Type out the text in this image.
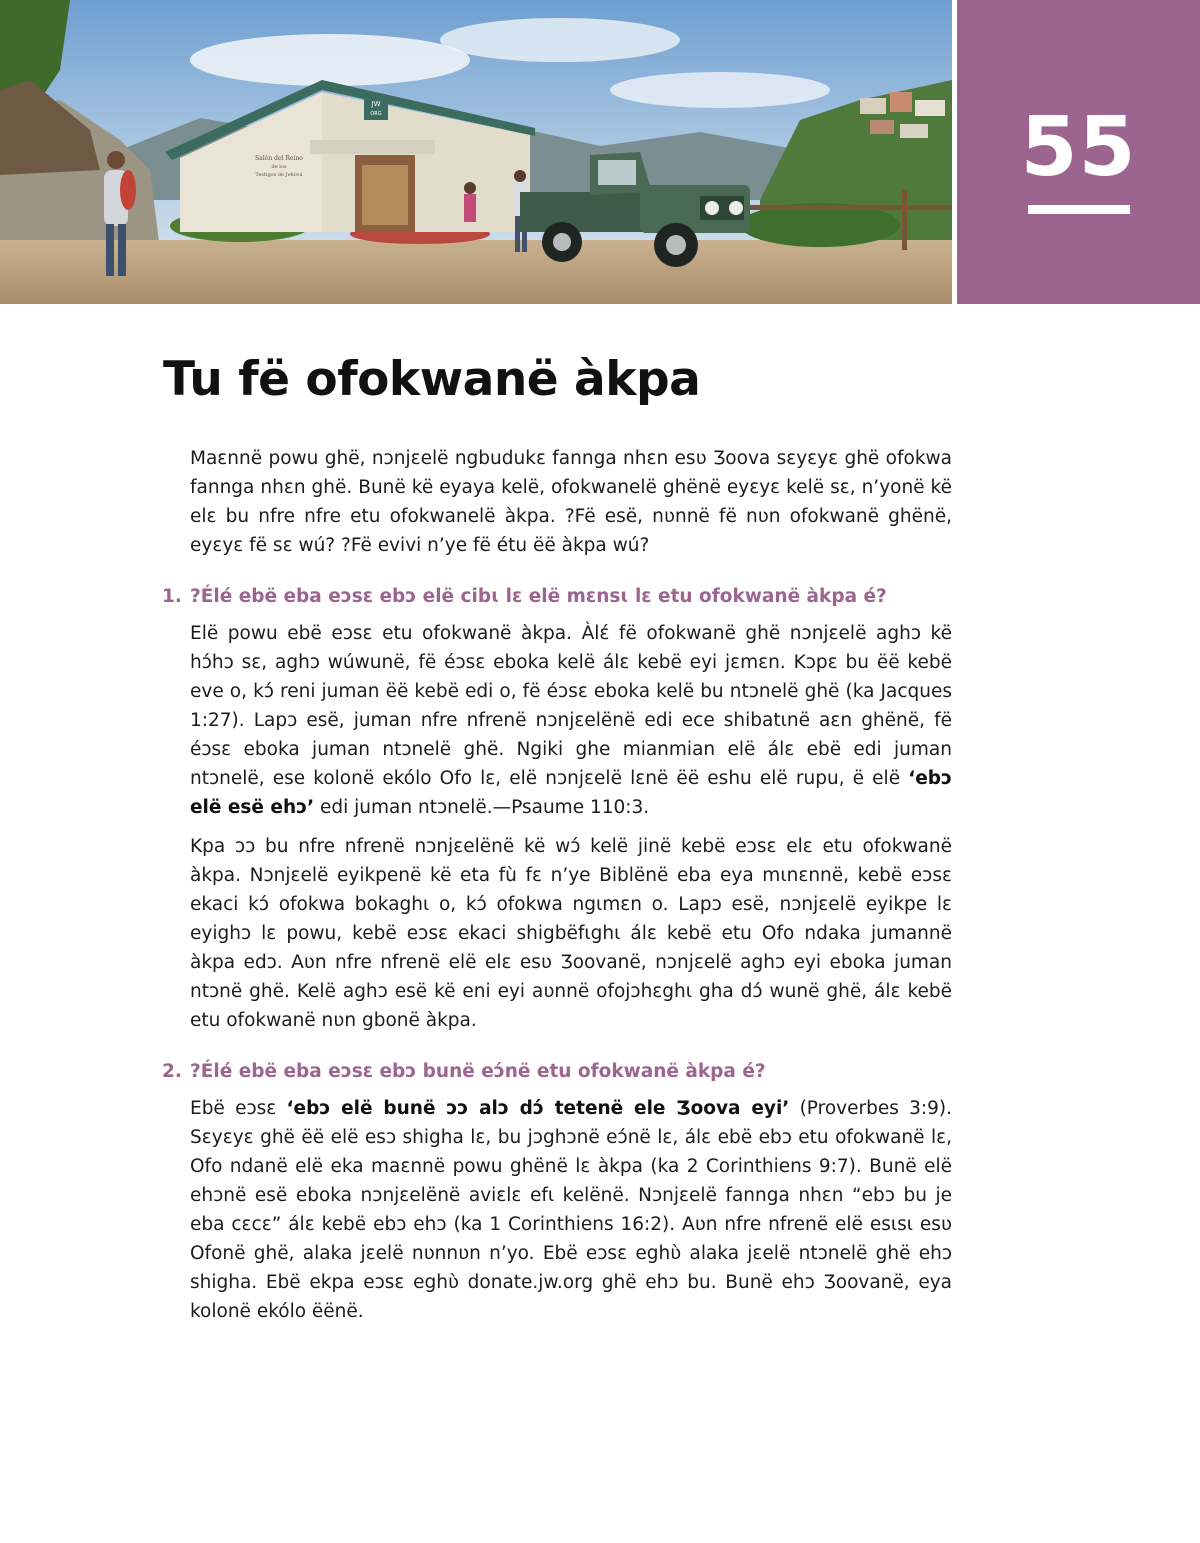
JW
ORG
Salón del Reino
de los
Testigos de Jehová	55
Tu fë ofokwanë àkpa

Maɛnnë powu ghë, nɔnjɛelë ngbudukɛ fannga nhɛn esʋ Ʒoova sɛyɛyɛ ghë ofokwa fannga nhɛn ghë. Bunë kë eyaya kelë, ofokwanelë ghënë eyɛyɛ kelë sɛ, n’yonë kë elɛ bu nfre nfre etu ofokwanelë àkpa. ?Fë esë, nʋnnë fë nʋn ofokwanë ghënë, eyɛyɛ fë sɛ wú? ?Fë evivi n’ye fë étu ëë àkpa wú?

1. ?Élé ebë eba eɔsɛ ebɔ elë cibɩ lɛ elë mɛnsɩ lɛ etu ofokwanë àkpa é?

Elë powu ebë eɔsɛ etu ofokwanë àkpa. Àlɛ́ fë ofokwanë ghë nɔnjɛelë aghɔ kë hɔ́hɔ sɛ, aghɔ wúwunë, fë éɔsɛ eboka kelë álɛ kebë eyi jɛmɛn. Kɔpɛ bu ëë kebë eve o, kɔ́ reni juman ëë kebë edi o, fë éɔsɛ eboka kelë bu ntɔnelë ghë (ka Jacques 1:27). Lapɔ esë, juman nfre nfrenë nɔnjɛelënë edi ece shibatɩnë aɛn ghënë, fë éɔsɛ eboka juman ntɔnelë ghë. Ngiki ghe mianmian elë álɛ ebë edi juman ntɔnelë, ese kolonë ekólo Ofo lɛ, elë nɔnjɛelë lɛnë ëë eshu elë rupu, ë elë ‘ebɔ elë esë ehɔ’ edi juman ntɔnelë.—Psaume 110:3.

Kpa ɔɔ bu nfre nfrenë nɔnjɛelënë kë wɔ́ kelë jinë kebë eɔsɛ elɛ etu ofokwanë àkpa. Nɔnjɛelë eyikpenë kë eta fù fɛ n’ye Biblënë eba eya mɩnɛnnë, kebë eɔsɛ ekaci kɔ́ ofokwa bokaghɩ o, kɔ́ ofokwa ngɩmɛn o. Lapɔ esë, nɔnjɛelë eyikpe lɛ eyighɔ lɛ powu, kebë eɔsɛ ekaci shigbëfɩghɩ álɛ kebë etu Ofo ndaka jumannë àkpa edɔ. Aʋn nfre nfrenë elë elɛ esʋ Ʒoovanë, nɔnjɛelë aghɔ eyi eboka juman ntɔnë ghë. Kelë aghɔ esë kë eni eyi aʋnnë ofojɔhɛghɩ gha dɔ́ wunë ghë, álɛ kebë etu ofokwanë nʋn gbonë àkpa.

2. ?Élé ebë eba eɔsɛ ebɔ bunë eɔ́në etu ofokwanë àkpa é?

Ebë eɔsɛ ‘ebɔ elë bunë ɔɔ alɔ dɔ́ tetenë ele Ʒoova eyi’ (Proverbes 3:9). Sɛyɛyɛ ghë ëë elë esɔ shigha lɛ, bu jɔghɔnë eɔ́në lɛ, álɛ ebë ebɔ etu ofokwanë lɛ, Ofo ndanë elë eka maɛnnë powu ghënë lɛ àkpa (ka 2 Corinthiens 9:7). Bunë elë ehɔnë esë eboka nɔnjɛelënë aviɛlɛ efɩ kelënë. Nɔnjɛelë fannga nhɛn “ebɔ bu je eba cɛcɛ” álɛ kebë ebɔ ehɔ (ka 1 Corinthiens 16:2). Aʋn nfre nfrenë elë esɩsɩ esʋ Ofonë ghë, alaka jɛelë nʋnnʋn n’yo. Ebë eɔsɛ eghʋ̀ alaka jɛelë ntɔnelë ghë ehɔ shigha. Ebë ekpa eɔsɛ eghʋ̀ donate.jw.org ghë ehɔ bu. Bunë ehɔ Ʒoovanë, eya kolonë ekólo ëënë.
